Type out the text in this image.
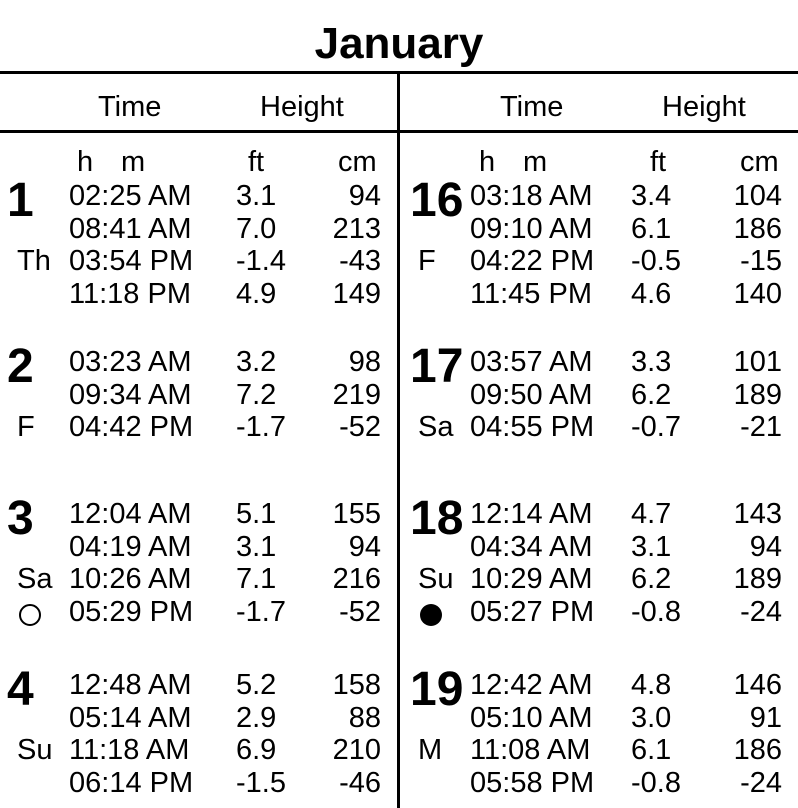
January
Time	Height
h m	ft	cm
Time	Height
h m	ft	cm
1
Th
02:25 AM 3.1	94
08:41 AM 7.0	213
03:54 PM -1.4	-43
11:18 PM 4.9	149
2
F
03:23 AM 3.2	98
09:34 AM 7.2	219
04:42 PM -1.7	-52
3
Sa
12:04 AM 5.1	155
04:19 AM 3.1	94
10:26 AM 7.1	216
05:29 PM -1.7	-52
4
Su
12:48 AM 5.2	158
05:14 AM 2.9	88
11:18 AM 6.9	210
06:14 PM -1.5	-46
16
F
03:18 AM 3.4	104
09:10 AM 6.1	186
04:22 PM -0.5	-15
11:45 PM 4.6	140
17
Sa
03:57 AM 3.3	101
09:50 AM 6.2	189
04:55 PM -0.7	-21
18
Su
12:14 AM 4.7	143
04:34 AM 3.1	94
10:29 AM 6.2	189
05:27 PM -0.8	-24
19
M
12:42 AM 4.8	146
05:10 AM 3.0	91
11:08 AM 6.1	186
05:58 PM -0.8	-24
